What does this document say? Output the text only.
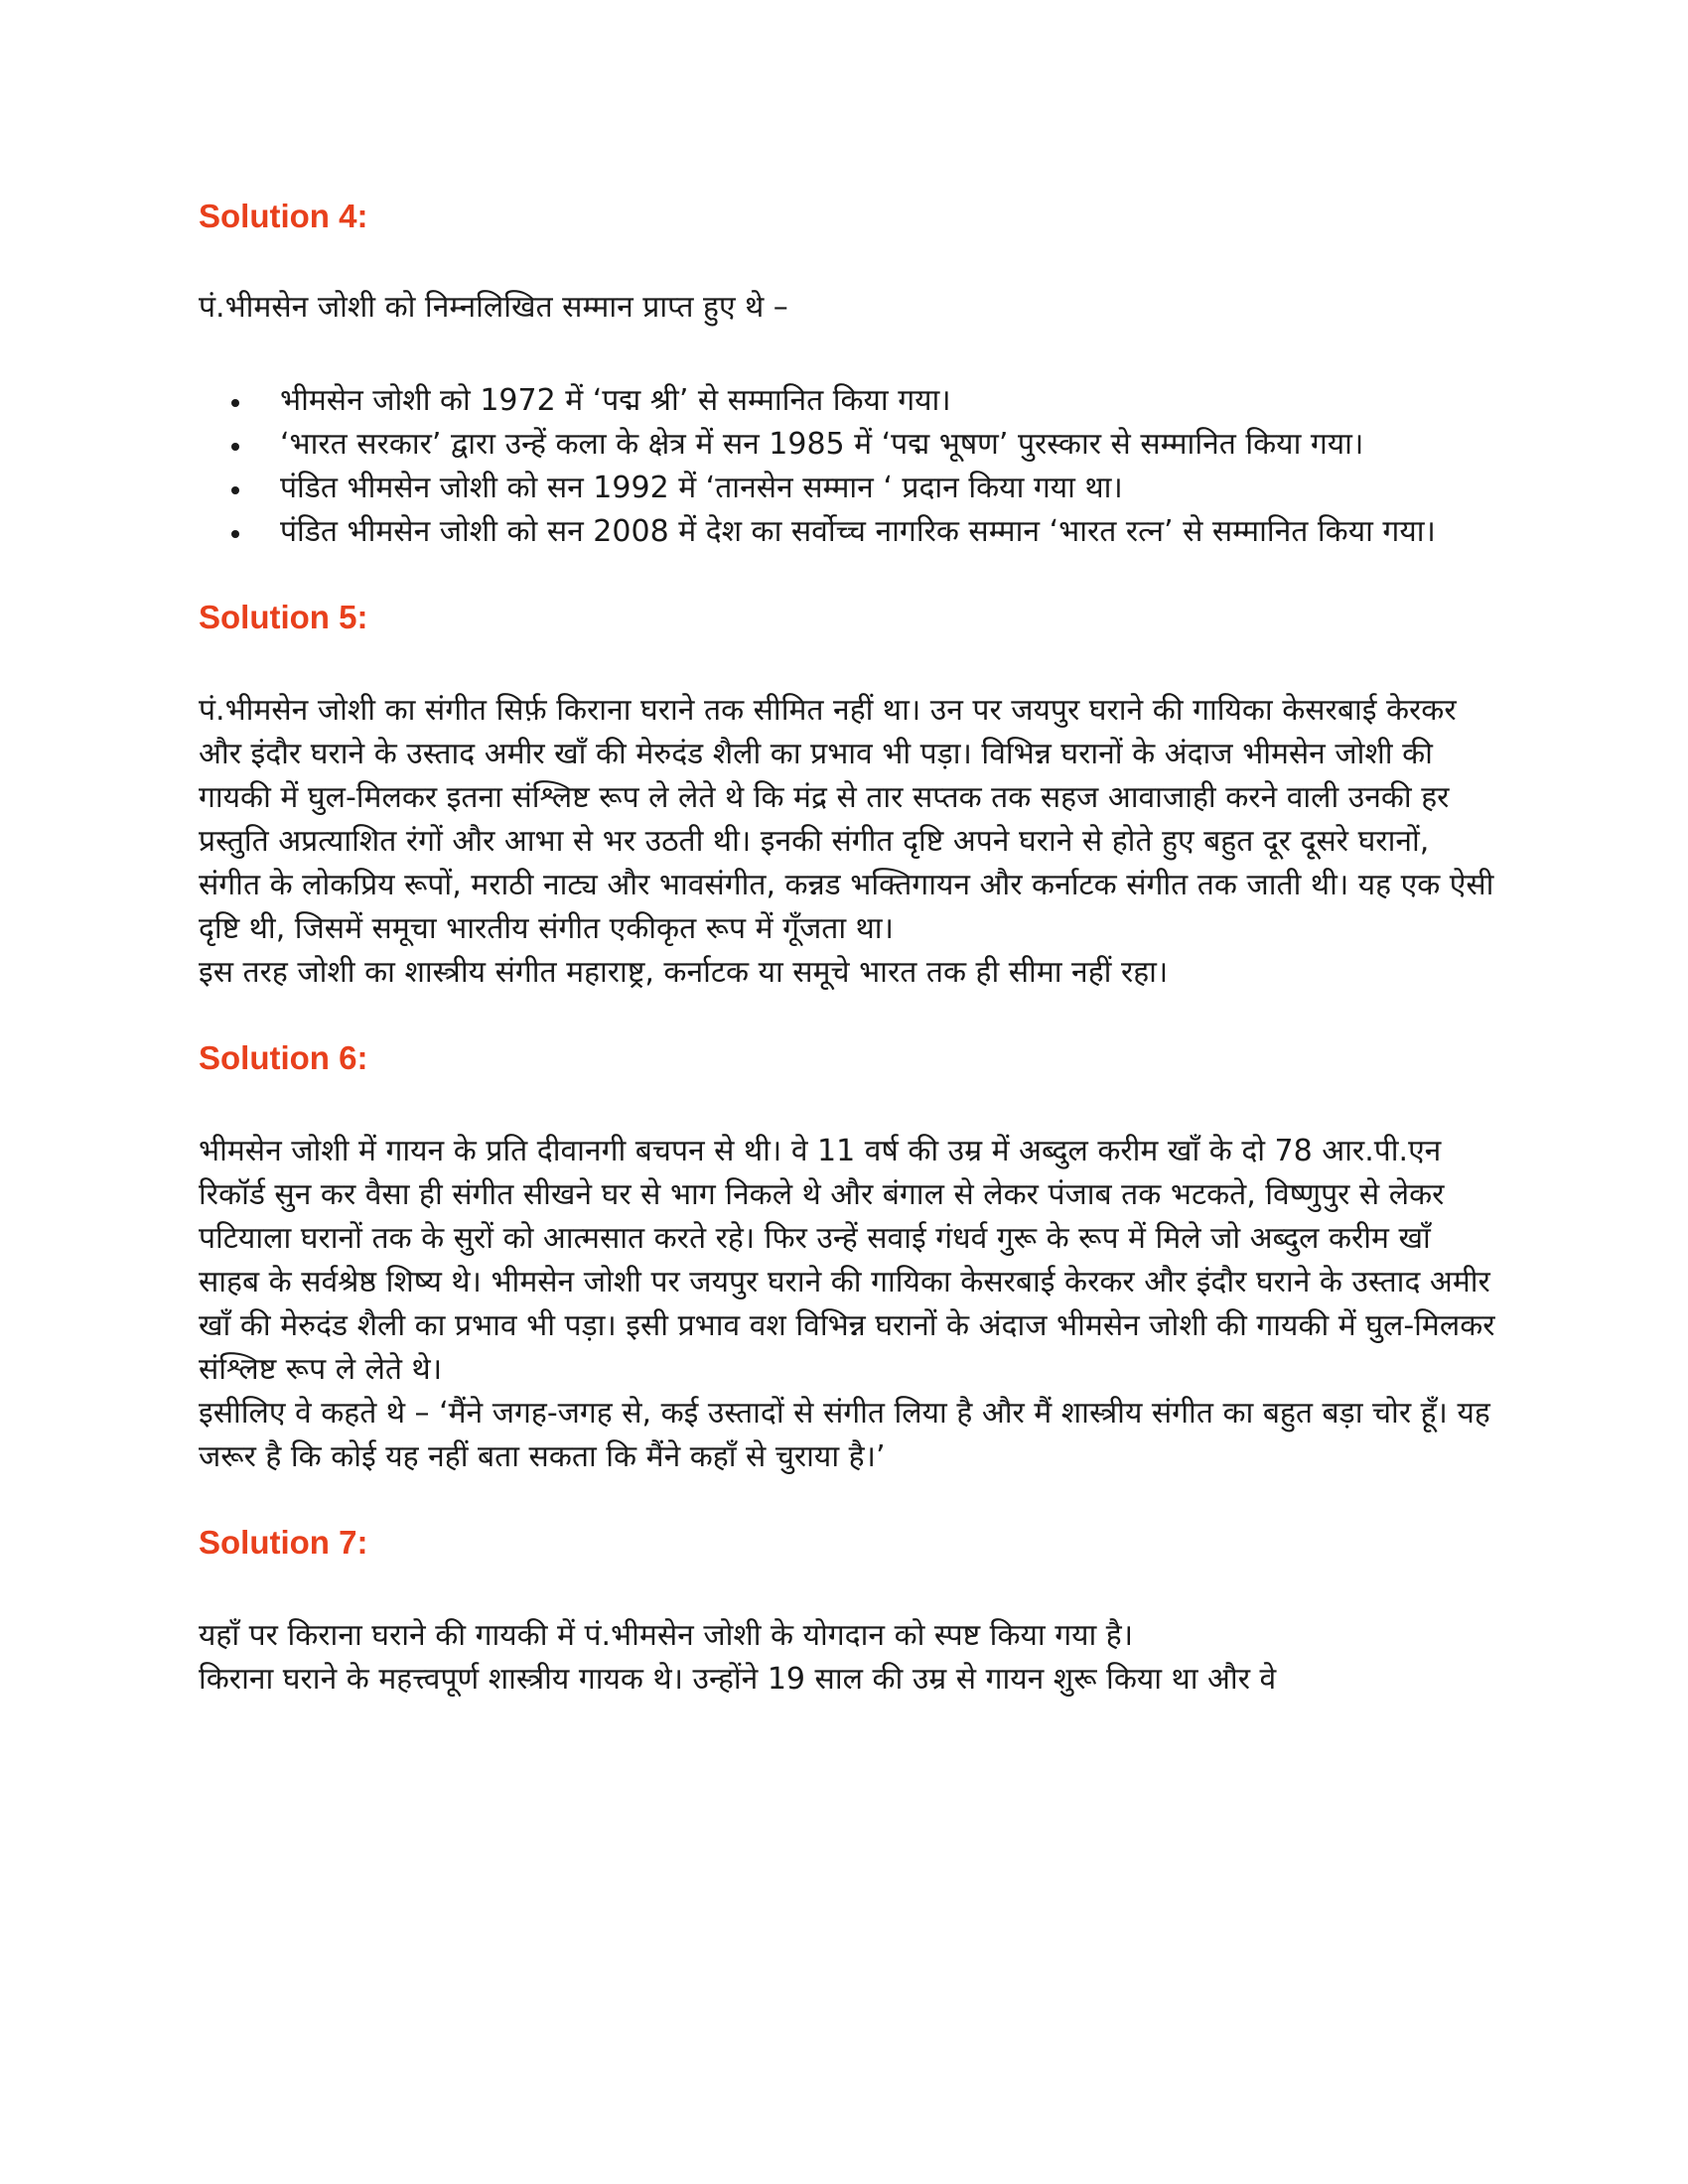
Solution 4:

पं.भीमसेन जोशी को निम्नलिखित सम्मान प्राप्त हुए थे –

भीमसेन जोशी को 1972 में ‘पद्म श्री’ से सम्मानित किया गया।
‘भारत सरकार’ द्वारा उन्हें कला के क्षेत्र में सन 1985 में ‘पद्म भूषण’ पुरस्कार से सम्मानित किया गया।
पंडित भीमसेन जोशी को सन 1992 में ‘तानसेन सम्मान ‘ प्रदान किया गया था।
पंडित भीमसेन जोशी को सन 2008 में देश का सर्वोच्च नागरिक सम्मान ‘भारत रत्न’ से सम्मानित किया गया।
Solution 5:

पं.भीमसेन जोशी का संगीत सिर्फ़ किराना घराने तक सीमित नहीं था। उन पर जयपुर घराने की गायिका केसरबाई केरकर और इंदौर घराने के उस्ताद अमीर खाँ की मेरुदंड शैली का प्रभाव भी पड़ा। विभिन्न घरानों के अंदाज भीमसेन जोशी की गायकी में घुल-मिलकर इतना संश्लिष्ट रूप ले लेते थे कि मंद्र से तार सप्तक तक सहज आवाजाही करने वाली उनकी हर प्रस्तुति अप्रत्याशित रंगों और आभा से भर उठती थी। इनकी संगीत दृष्टि अपने घराने से होते हुए बहुत दूर दूसरे घरानों, संगीत के लोकप्रिय रूपों, मराठी नाट्य और भावसंगीत, कन्नड भक्तिगायन और कर्नाटक संगीत तक जाती थी। यह एक ऐसी दृष्टि थी, जिसमें समूचा भारतीय संगीत एकीकृत रूप में गूँजता था।

इस तरह जोशी का शास्त्रीय संगीत महाराष्ट्र, कर्नाटक या समूचे भारत तक ही सीमा नहीं रहा।

Solution 6:

भीमसेन जोशी में गायन के प्रति दीवानगी बचपन से थी। वे 11 वर्ष की उम्र में अब्दुल करीम खाँ के दो 78 आर.पी.एन रिकॉर्ड सुन कर वैसा ही संगीत सीखने घर से भाग निकले थे और बंगाल से लेकर पंजाब तक भटकते, विष्णुपुर से लेकर पटियाला घरानों तक के सुरों को आत्मसात करते रहे। फिर उन्हें सवाई गंधर्व गुरू के रूप में मिले जो अब्दुल करीम खाँ साहब के सर्वश्रेष्ठ शिष्य थे। भीमसेन जोशी पर जयपुर घराने की गायिका केसरबाई केरकर और इंदौर घराने के उस्ताद अमीर खाँ की मेरुदंड शैली का प्रभाव भी पड़ा। इसी प्रभाव वश विभिन्न घरानों के अंदाज भीमसेन जोशी की गायकी में घुल-मिलकर संश्लिष्ट रूप ले लेते थे।

इसीलिए वे कहते थे – ‘मैंने जगह-जगह से, कई उस्तादों से संगीत लिया है और मैं शास्त्रीय संगीत का बहुत बड़ा चोर हूँ। यह जरूर है कि कोई यह नहीं बता सकता कि मैंने कहाँ से चुराया है।’

Solution 7:

यहाँ पर किराना घराने की गायकी में पं.भीमसेन जोशी के योगदान को स्पष्ट किया गया है।

किराना घराने के महत्त्वपूर्ण शास्त्रीय गायक थे। उन्होंने 19 साल की उम्र से गायन शुरू किया था और वे
